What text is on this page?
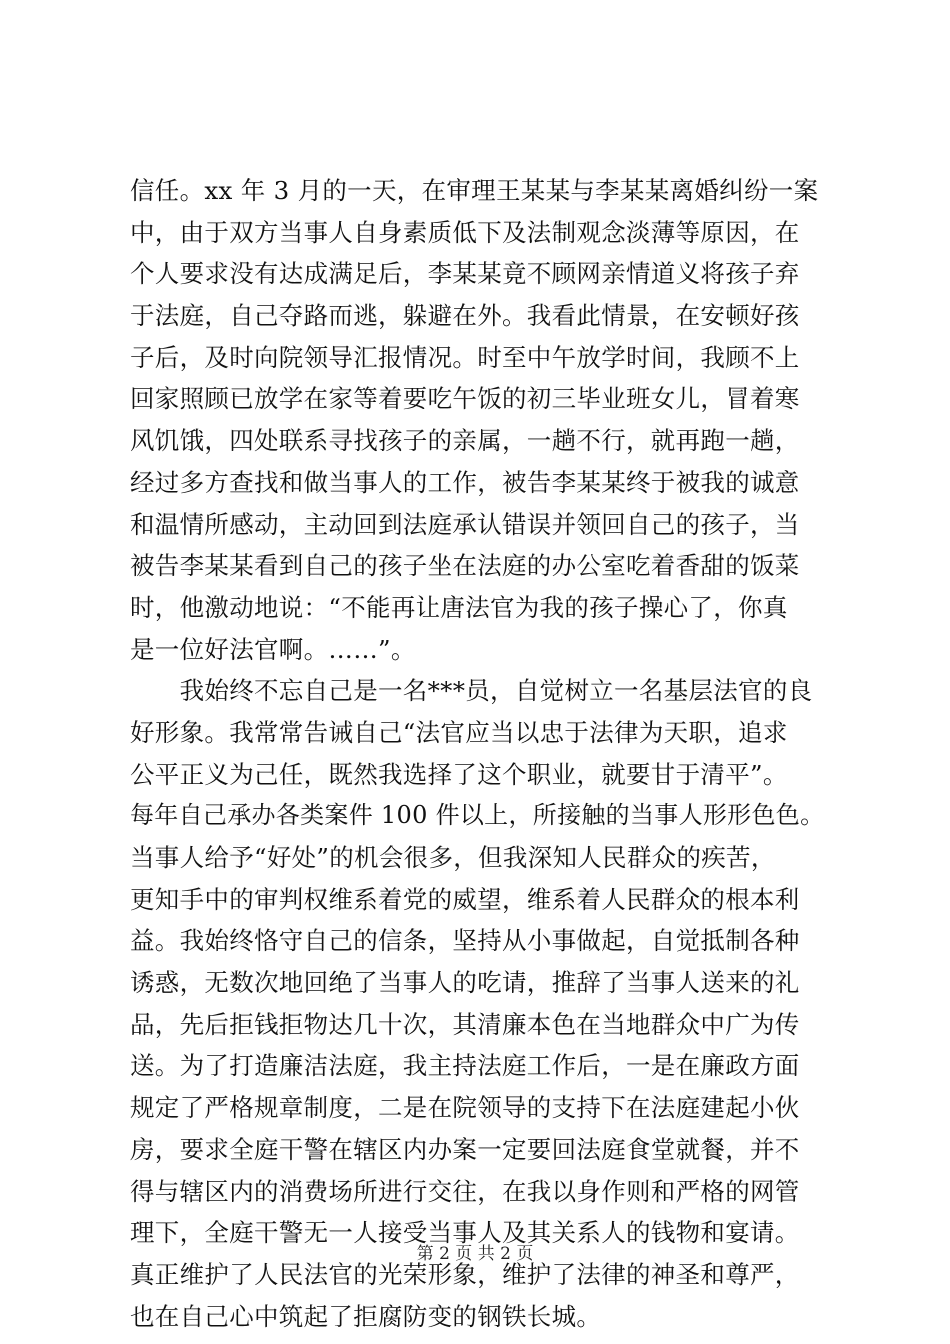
信任。xx 年 3 月的一天，在审理王某某与李某某离婚纠纷一案
中，由于双方当事人自身素质低下及法制观念淡薄等原因，在
个人要求没有达成满足后，李某某竟不顾网亲情道义将孩子弃
于法庭，自己夺路而逃，躲避在外。我看此情景，在安顿好孩
子后，及时向院领导汇报情况。时至中午放学时间，我顾不上
回家照顾已放学在家等着要吃午饭的初三毕业班女儿，冒着寒
风饥饿，四处联系寻找孩子的亲属，一趟不行，就再跑一趟，
经过多方查找和做当事人的工作，被告李某某终于被我的诚意
和温情所感动，主动回到法庭承认错误并领回自己的孩子，当
被告李某某看到自己的孩子坐在法庭的办公室吃着香甜的饭菜
时，他激动地说：“不能再让唐法官为我的孩子操心了，你真
是一位好法官啊。……”。
　　我始终不忘自己是一名***员，自觉树立一名基层法官的良
好形象。我常常告诫自己“法官应当以忠于法律为天职，追求
公平正义为己任，既然我选择了这个职业，就要甘于清平”。
每年自己承办各类案件 100 件以上，所接触的当事人形形色色。
当事人给予“好处”的机会很多，但我深知人民群众的疾苦，
更知手中的审判权维系着党的威望，维系着人民群众的根本利
益。我始终恪守自己的信条，坚持从小事做起，自觉抵制各种
诱惑，无数次地回绝了当事人的吃请，推辞了当事人送来的礼
品，先后拒钱拒物达几十次，其清廉本色在当地群众中广为传
送。为了打造廉洁法庭，我主持法庭工作后，一是在廉政方面
规定了严格规章制度，二是在院领导的支持下在法庭建起小伙
房，要求全庭干警在辖区内办案一定要回法庭食堂就餐，并不
得与辖区内的消费场所进行交往，在我以身作则和严格的网管
理下，全庭干警无一人接受当事人及其关系人的钱物和宴请。
真正维护了人民法官的光荣形象，维护了法律的神圣和尊严，
也在自己心中筑起了拒腐防变的钢铁长城。
第 2 页 共 2 页
